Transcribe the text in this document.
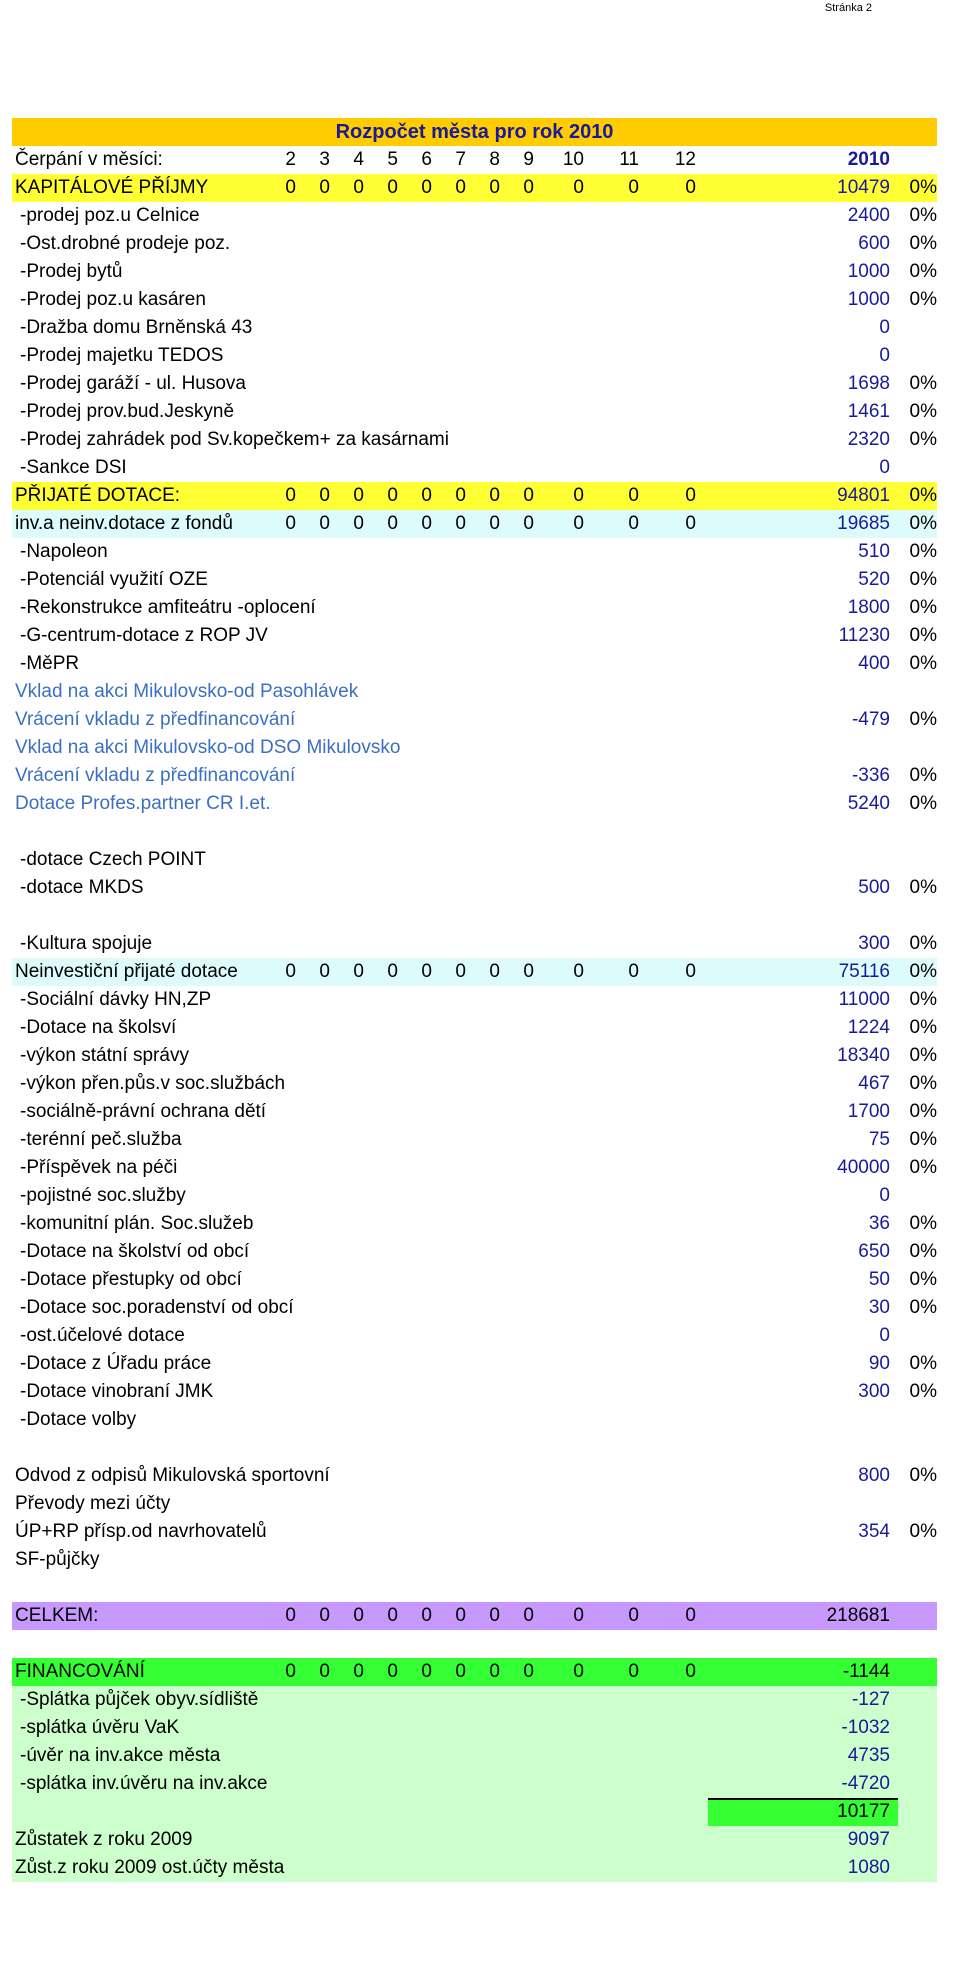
Stránka 2
Rozpočet města pro rok 2010
Čerpání v měsíci:	2	3	4	5	6	7	8	9	10	11	12	2010
KAPITÁLOVÉ PŘÍJMY	0	0	0	0	0	0	0	0	0	0	0	10479	0%
-prodej poz.u Celnice	2400	0%
-Ost.drobné prodeje poz.	600	0%
-Prodej bytů	1000	0%
-Prodej poz.u kasáren	1000	0%
-Dražba domu Brněnská 43	0
-Prodej majetku TEDOS	0
-Prodej garáží - ul. Husova	1698	0%
-Prodej prov.bud.Jeskyně	1461	0%
-Prodej zahrádek pod Sv.kopečkem+ za kasárnami	2320	0%
-Sankce DSI	0
PŘIJATÉ DOTACE:	0	0	0	0	0	0	0	0	0	0	0	94801	0%
inv.a neinv.dotace z fondů	0	0	0	0	0	0	0	0	0	0	0	19685	0%
-Napoleon	510	0%
-Potenciál využití OZE	520	0%
-Rekonstrukce amfiteátru -oplocení	1800	0%
-G-centrum-dotace z ROP JV	11230	0%
-MěPR	400	0%
Vklad na akci Mikulovsko-od Pasohlávek
Vrácení vkladu z předfinancování	-479	0%
Vklad na akci Mikulovsko-od DSO Mikulovsko
Vrácení vkladu z předfinancování	-336	0%
Dotace Profes.partner CR I.et.	5240	0%
-dotace Czech POINT
-dotace MKDS	500	0%
-Kultura spojuje	300	0%
Neinvestiční přijaté dotace	0	0	0	0	0	0	0	0	0	0	0	75116	0%
-Sociální dávky HN,ZP	11000	0%
-Dotace na školsví	1224	0%
-výkon státní správy	18340	0%
-výkon přen.půs.v soc.službách	467	0%
-sociálně-právní ochrana dětí	1700	0%
-terénní peč.služba	75	0%
-Příspěvek na péči	40000	0%
-pojistné soc.služby	0
-komunitní plán. Soc.služeb	36	0%
-Dotace na školství od obcí	650	0%
-Dotace přestupky od obcí	50	0%
-Dotace soc.poradenství od obcí	30	0%
-ost.účelové dotace	0
-Dotace z Úřadu práce	90	0%
-Dotace vinobraní JMK	300	0%
-Dotace volby
Odvod z odpisů Mikulovská sportovní	800	0%
Převody mezi účty
ÚP+RP přísp.od navrhovatelů	354	0%
SF-půjčky
CELKEM:	0	0	0	0	0	0	0	0	0	0	0	218681
FINANCOVÁNÍ	0	0	0	0	0	0	0	0	0	0	0	-1144
-Splátka půjček obyv.sídliště	-127
-splátka úvěru VaK	-1032
-úvěr na inv.akce města	4735
-splátka inv.úvěru na inv.akce	-4720
10177
Zůstatek z roku 2009	9097
Zůst.z roku 2009 ost.účty města	1080
